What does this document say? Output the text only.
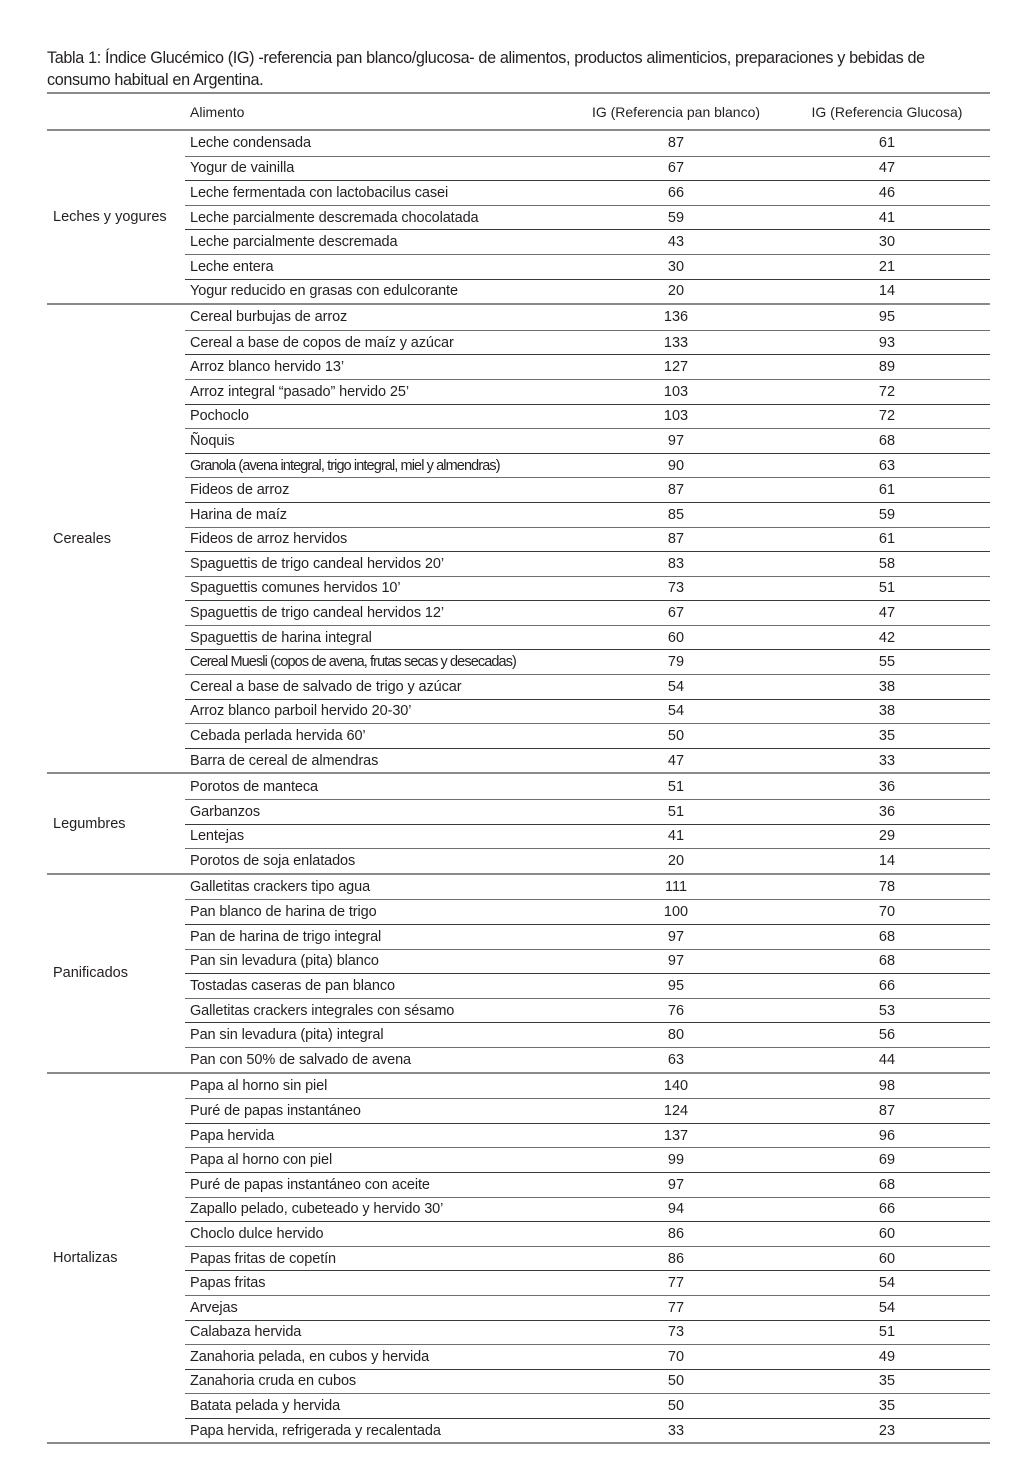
Tabla 1: Índice Glucémico (IG) -referencia pan blanco/glucosa- de alimentos, productos alimenticios, preparaciones y bebidas de consumo habitual en Argentina.
Alimento	IG (Referencia pan blanco)	IG (Referencia Glucosa)
Leches y yogures
Leche condensada	87	61
Yogur de vainilla	67	47
Leche fermentada con lactobacilus casei	66	46
Leche parcialmente descremada chocolatada	59	41
Leche parcialmente descremada	43	30
Leche entera	30	21
Yogur reducido en grasas con edulcorante	20	14
Cereales
Cereal burbujas de arroz	136	95
Cereal a base de copos de maíz y azúcar	133	93
Arroz blanco hervido 13’	127	89
Arroz integral “pasado” hervido 25’	103	72
Pochoclo	103	72
Ñoquis	97	68
Granola (avena integral, trigo integral, miel y almendras)	90	63
Fideos de arroz	87	61
Harina de maíz	85	59
Fideos de arroz hervidos	87	61
Spaguettis de trigo candeal hervidos 20’	83	58
Spaguettis comunes hervidos 10’	73	51
Spaguettis de trigo candeal hervidos 12’	67	47
Spaguettis de harina integral	60	42
Cereal Muesli (copos de avena, frutas secas y desecadas)	79	55
Cereal a base de salvado de trigo y azúcar	54	38
Arroz blanco parboil hervido 20-30’	54	38
Cebada perlada hervida 60’	50	35
Barra de cereal de almendras	47	33
Legumbres
Porotos de manteca	51	36
Garbanzos	51	36
Lentejas	41	29
Porotos de soja enlatados	20	14
Panificados
Galletitas crackers tipo agua	111	78
Pan blanco de harina de trigo	100	70
Pan de harina de trigo integral	97	68
Pan sin levadura (pita) blanco	97	68
Tostadas caseras de pan blanco	95	66
Galletitas crackers integrales con sésamo	76	53
Pan sin levadura (pita) integral	80	56
Pan con 50% de salvado de avena	63	44
Hortalizas
Papa al horno sin piel	140	98
Puré de papas instantáneo	124	87
Papa hervida	137	96
Papa al horno con piel	99	69
Puré de papas instantáneo con aceite	97	68
Zapallo pelado, cubeteado y hervido 30’	94	66
Choclo dulce hervido	86	60
Papas fritas de copetín	86	60
Papas fritas	77	54
Arvejas	77	54
Calabaza hervida	73	51
Zanahoria pelada, en cubos y hervida	70	49
Zanahoria cruda en cubos	50	35
Batata pelada y hervida	50	35
Papa hervida, refrigerada y recalentada	33	23
